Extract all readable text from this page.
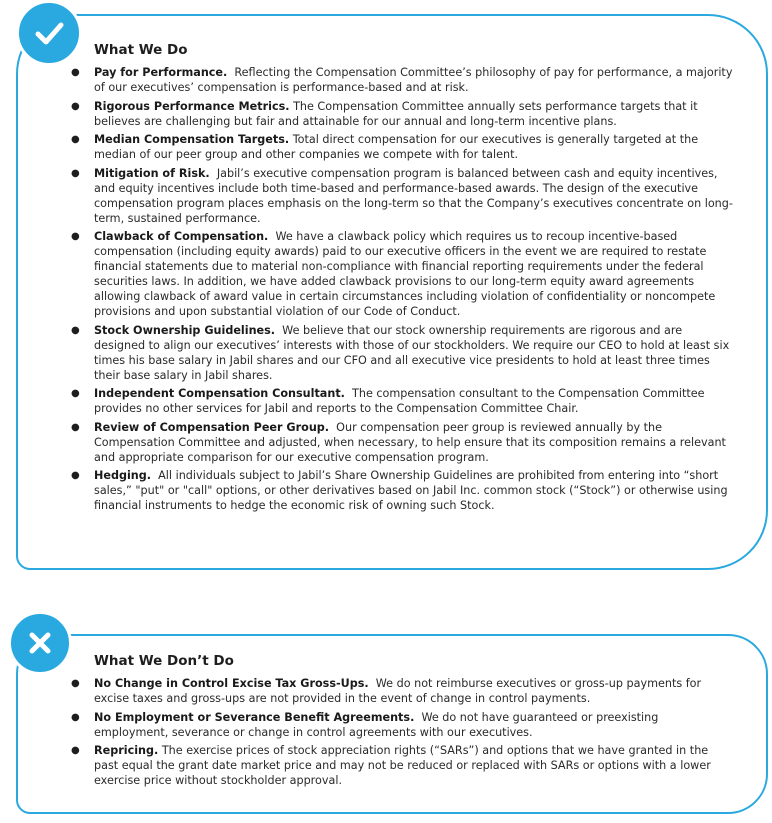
What We Do
● Pay for Performance. Reflecting the Compensation Committee’s philosophy of pay for performance, a majority of our executives’ compensation is performance-based and at risk.
● Rigorous Performance Metrics. The Compensation Committee annually sets performance targets that it believes are challenging but fair and attainable for our annual and long-term incentive plans.
● Median Compensation Targets. Total direct compensation for our executives is generally targeted at the median of our peer group and other companies we compete with for talent.
● Mitigation of Risk. Jabil’s executive compensation program is balanced between cash and equity incentives, and equity incentives include both time-based and performance-based awards. The design of the executive compensation program places emphasis on the long-term so that the Company’s executives concentrate on long-term, sustained performance.
● Clawback of Compensation. We have a clawback policy which requires us to recoup incentive-based compensation (including equity awards) paid to our executive officers in the event we are required to restate financial statements due to material non-compliance with financial reporting requirements under the federal securities laws. In addition, we have added clawback provisions to our long-term equity award agreements allowing clawback of award value in certain circumstances including violation of confidentiality or noncompete provisions and upon substantial violation of our Code of Conduct.
● Stock Ownership Guidelines. We believe that our stock ownership requirements are rigorous and are designed to align our executives’ interests with those of our stockholders. We require our CEO to hold at least six times his base salary in Jabil shares and our CFO and all executive vice presidents to hold at least three times their base salary in Jabil shares.
● Independent Compensation Consultant. The compensation consultant to the Compensation Committee provides no other services for Jabil and reports to the Compensation Committee Chair.
● Review of Compensation Peer Group. Our compensation peer group is reviewed annually by the Compensation Committee and adjusted, when necessary, to help ensure that its composition remains a relevant and appropriate comparison for our executive compensation program.
● Hedging. All individuals subject to Jabil’s Share Ownership Guidelines are prohibited from entering into “short sales,” "put" or "call" options, or other derivatives based on Jabil Inc. common stock (“Stock”) or otherwise using financial instruments to hedge the economic risk of owning such Stock.
What We Don’t Do
● No Change in Control Excise Tax Gross-Ups. We do not reimburse executives or gross-up payments for excise taxes and gross-ups are not provided in the event of change in control payments.
● No Employment or Severance Benefit Agreements. We do not have guaranteed or preexisting employment, severance or change in control agreements with our executives.
● Repricing. The exercise prices of stock appreciation rights (“SARs”) and options that we have granted in the past equal the grant date market price and may not be reduced or replaced with SARs or options with a lower exercise price without stockholder approval.
